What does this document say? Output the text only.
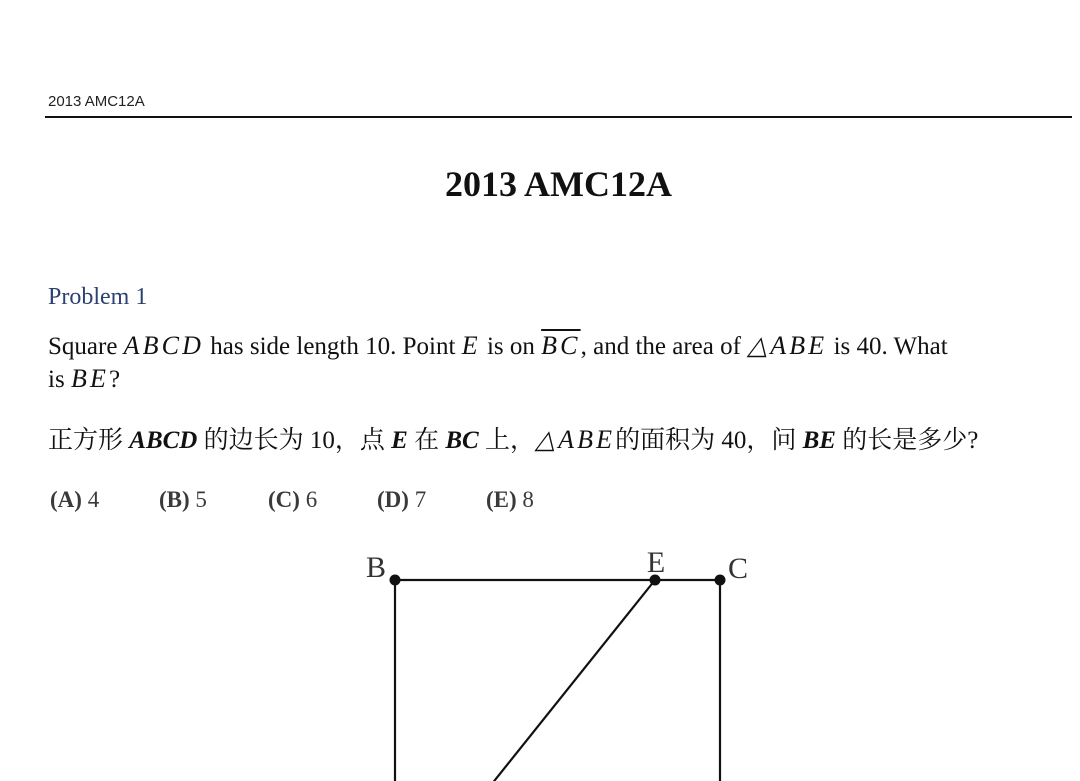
2013 AMC12A
2013 AMC12A
Problem 1
Square ABCD has side length 10. Point E is on $\overline{BC}$, and the area of △ABE is 40. What
is BE?
正方形 ABCD 的边长为 10，点 E 在 BC 上，△ABE的面积为 40，问 BE 的长是多少?
(A) 4	(B) 5	(C) 6	(D) 7	(E) 8
B	E C
